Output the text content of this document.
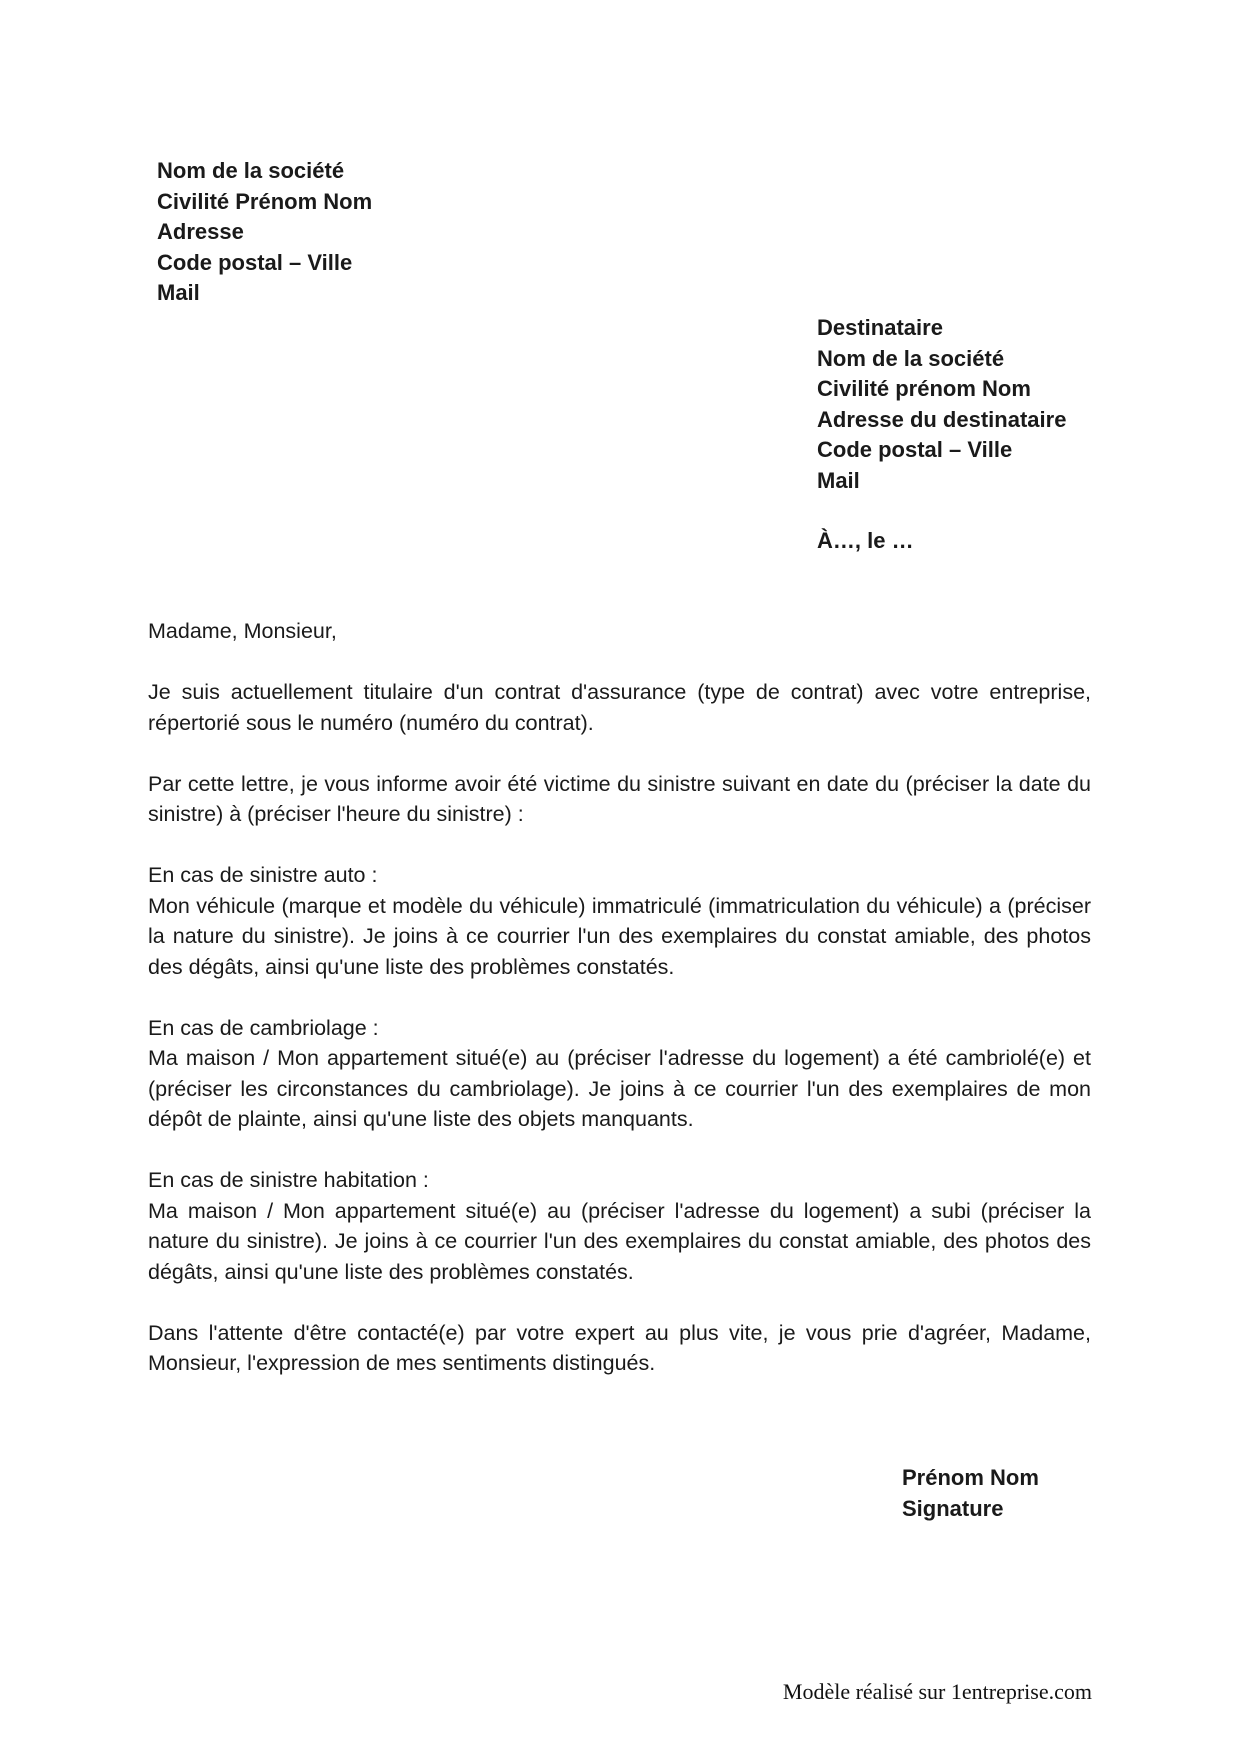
Nom de la société
Civilité Prénom Nom
Adresse
Code postal – Ville
Mail
Destinataire
Nom de la société
Civilité prénom Nom
Adresse du destinataire
Code postal – Ville
Mail
À…, le …

Madame, Monsieur,

Je suis actuellement titulaire d'un contrat d'assurance (type de contrat) avec votre entreprise, répertorié sous le numéro (numéro du contrat).

Par cette lettre, je vous informe avoir été victime du sinistre suivant en date du (préciser la date du sinistre) à (préciser l'heure du sinistre) :

En cas de sinistre auto :
Mon véhicule (marque et modèle du véhicule) immatriculé (immatriculation du véhicule) a (préciser la nature du sinistre). Je joins à ce courrier l'un des exemplaires du constat amiable, des photos des dégâts, ainsi qu'une liste des problèmes constatés.

En cas de cambriolage :
Ma maison / Mon appartement situé(e) au (préciser l'adresse du logement) a été cambriolé(e) et (préciser les circonstances du cambriolage). Je joins à ce courrier l'un des exemplaires de mon dépôt de plainte, ainsi qu'une liste des objets manquants.

En cas de sinistre habitation :
Ma maison / Mon appartement situé(e) au (préciser l'adresse du logement) a subi (préciser la nature du sinistre). Je joins à ce courrier l'un des exemplaires du constat amiable, des photos des dégâts, ainsi qu'une liste des problèmes constatés.

Dans l'attente d'être contacté(e) par votre expert au plus vite, je vous prie d'agréer, Madame, Monsieur, l'expression de mes sentiments distingués.

Prénom Nom
Signature
Modèle réalisé sur 1entreprise.com
